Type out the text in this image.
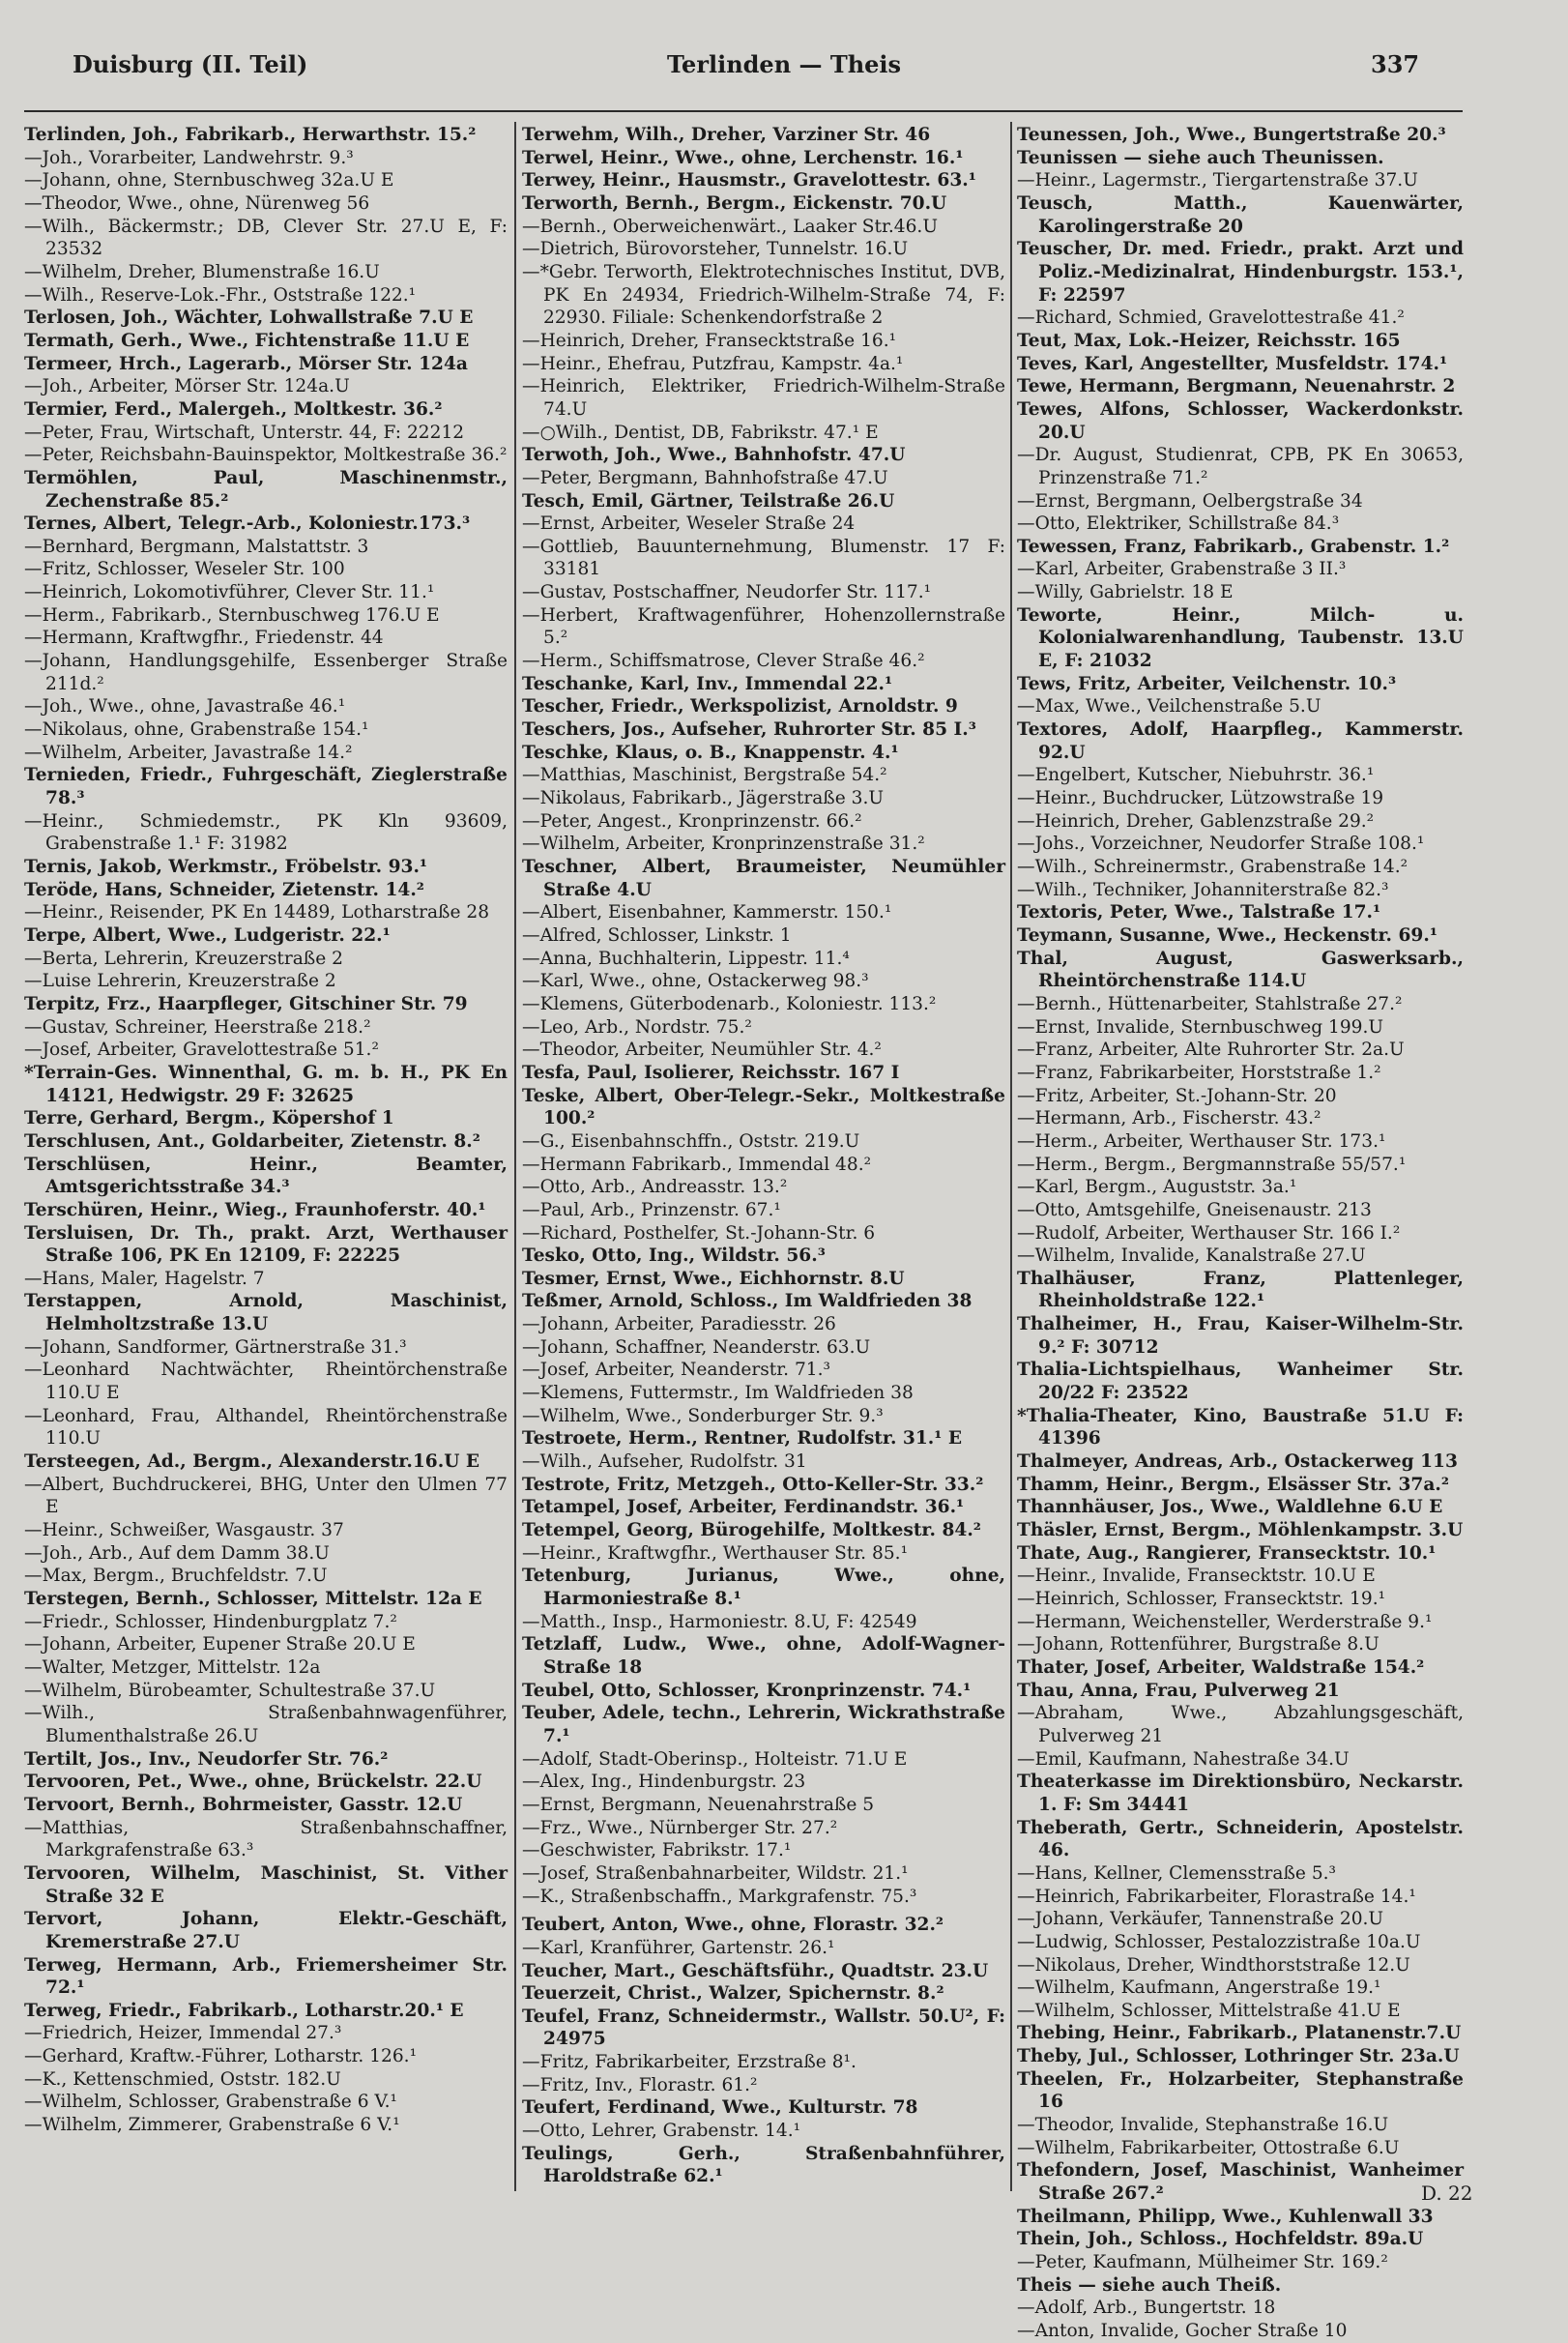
Duisburg (II. Teil)	Terlinden — Theis	337

Terlinden, Joh., Fabrikarb., Herwarthstr. 15.²

—Joh., Vorarbeiter, Landwehrstr. 9.³

—Johann, ohne, Sternbuschweg 32a.U E

—Theodor, Wwe., ohne, Nürenweg 56

—Wilh., Bäckermstr.; DB, Clever Str. 27.U E, F: 23532

—Wilhelm, Dreher, Blumenstraße 16.U

—Wilh., Reserve-Lok.-Fhr., Oststraße 122.¹

Terlosen, Joh., Wächter, Lohwallstraße 7.U E

Termath, Gerh., Wwe., Fichtenstraße 11.U E

Termeer, Hrch., Lagerarb., Mörser Str. 124a

—Joh., Arbeiter, Mörser Str. 124a.U

Termier, Ferd., Malergeh., Moltkestr. 36.²

—Peter, Frau, Wirtschaft, Unterstr. 44, F: 22212

—Peter, Reichsbahn-Bauinspektor, Moltkestraße 36.²

Termöhlen, Paul, Maschinenmstr., Zechenstraße 85.²

Ternes, Albert, Telegr.-Arb., Koloniestr.173.³

—Bernhard, Bergmann, Malstattstr. 3

—Fritz, Schlosser, Weseler Str. 100

—Heinrich, Lokomotivführer, Clever Str. 11.¹

—Herm., Fabrikarb., Sternbuschweg 176.U E

—Hermann, Kraftwgfhr., Friedenstr. 44

—Johann, Handlungsgehilfe, Essenberger Straße 211d.²

—Joh., Wwe., ohne, Javastraße 46.¹

—Nikolaus, ohne, Grabenstraße 154.¹

—Wilhelm, Arbeiter, Javastraße 14.²

Ternieden, Friedr., Fuhrgeschäft, Zieglerstraße 78.³

—Heinr., Schmiedemstr., PK Kln 93609, Grabenstraße 1.¹ F: 31982

Ternis, Jakob, Werkmstr., Fröbelstr. 93.¹

Teröde, Hans, Schneider, Zietenstr. 14.²

—Heinr., Reisender, PK En 14489, Lotharstraße 28

Terpe, Albert, Wwe., Ludgeristr. 22.¹

—Berta, Lehrerin, Kreuzerstraße 2

—Luise Lehrerin, Kreuzerstraße 2

Terpitz, Frz., Haarpfleger, Gitschiner Str. 79

—Gustav, Schreiner, Heerstraße 218.²

—Josef, Arbeiter, Gravelottestraße 51.²

*Terrain-Ges. Winnenthal, G. m. b. H., PK En 14121, Hedwigstr. 29 F: 32625

Terre, Gerhard, Bergm., Köpershof 1

Terschlusen, Ant., Goldarbeiter, Zietenstr. 8.²

Terschlüsen, Heinr., Beamter, Amtsgerichtsstraße 34.³

Terschüren, Heinr., Wieg., Fraunhoferstr. 40.¹

Tersluisen, Dr. Th., prakt. Arzt, Werthauser Straße 106, PK En 12109, F: 22225

—Hans, Maler, Hagelstr. 7

Terstappen, Arnold, Maschinist, Helmholtzstraße 13.U

—Johann, Sandformer, Gärtnerstraße 31.³

—Leonhard Nachtwächter, Rheintörchenstraße 110.U E

—Leonhard, Frau, Althandel, Rheintörchenstraße 110.U

Tersteegen, Ad., Bergm., Alexanderstr.16.U E

—Albert, Buchdruckerei, BHG, Unter den Ulmen 77 E

—Heinr., Schweißer, Wasgaustr. 37

—Joh., Arb., Auf dem Damm 38.U

—Max, Bergm., Bruchfeldstr. 7.U

Terstegen, Bernh., Schlosser, Mittelstr. 12a E

—Friedr., Schlosser, Hindenburgplatz 7.²

—Johann, Arbeiter, Eupener Straße 20.U E

—Walter, Metzger, Mittelstr. 12a

—Wilhelm, Bürobeamter, Schultestraße 37.U

—Wilh., Straßenbahnwagenführer, Blumenthalstraße 26.U

Tertilt, Jos., Inv., Neudorfer Str. 76.²

Tervooren, Pet., Wwe., ohne, Brückelstr. 22.U

Tervoort, Bernh., Bohrmeister, Gasstr. 12.U

—Matthias, Straßenbahnschaffner, Markgrafenstraße 63.³

Tervooren, Wilhelm, Maschinist, St. Vither Straße 32 E

Tervort, Johann, Elektr.-Geschäft, Kremerstraße 27.U

Terweg, Hermann, Arb., Friemersheimer Str. 72.¹

Terweg, Friedr., Fabrikarb., Lotharstr.20.¹ E

—Friedrich, Heizer, Immendal 27.³

—Gerhard, Kraftw.-Führer, Lotharstr. 126.¹

—K., Kettenschmied, Oststr. 182.U

—Wilhelm, Schlosser, Grabenstraße 6 V.¹

—Wilhelm, Zimmerer, Grabenstraße 6 V.¹

Terwehm, Wilh., Dreher, Varziner Str. 46

Terwel, Heinr., Wwe., ohne, Lerchenstr. 16.¹

Terwey, Heinr., Hausmstr., Gravelottestr. 63.¹

Terworth, Bernh., Bergm., Eickenstr. 70.U

—Bernh., Oberweichenwärt., Laaker Str.46.U

—Dietrich, Bürovorsteher, Tunnelstr. 16.U

—*Gebr. Terworth, Elektrotechnisches Institut, DVB, PK En 24934, Friedrich-Wilhelm-Straße 74, F: 22930. Filiale: Schenkendorfstraße 2

—Heinrich, Dreher, Fransecktstraße 16.¹

—Heinr., Ehefrau, Putzfrau, Kampstr. 4a.¹

—Heinrich, Elektriker, Friedrich-Wilhelm-Straße 74.U

—○Wilh., Dentist, DB, Fabrikstr. 47.¹ E

Terwoth, Joh., Wwe., Bahnhofstr. 47.U

—Peter, Bergmann, Bahnhofstraße 47.U

Tesch, Emil, Gärtner, Teilstraße 26.U

—Ernst, Arbeiter, Weseler Straße 24

—Gottlieb, Bauunternehmung, Blumenstr. 17 F: 33181

—Gustav, Postschaffner, Neudorfer Str. 117.¹

—Herbert, Kraftwagenführer, Hohenzollernstraße 5.²

—Herm., Schiffsmatrose, Clever Straße 46.²

Teschanke, Karl, Inv., Immendal 22.¹

Tescher, Friedr., Werkspolizist, Arnoldstr. 9

Teschers, Jos., Aufseher, Ruhrorter Str. 85 I.³

Teschke, Klaus, o. B., Knappenstr. 4.¹

—Matthias, Maschinist, Bergstraße 54.²

—Nikolaus, Fabrikarb., Jägerstraße 3.U

—Peter, Angest., Kronprinzenstr. 66.²

—Wilhelm, Arbeiter, Kronprinzenstraße 31.²

Teschner, Albert, Braumeister, Neumühler Straße 4.U

—Albert, Eisenbahner, Kammerstr. 150.¹

—Alfred, Schlosser, Linkstr. 1

—Anna, Buchhalterin, Lippestr. 11.⁴

—Karl, Wwe., ohne, Ostackerweg 98.³

—Klemens, Güterbodenarb., Koloniestr. 113.²

—Leo, Arb., Nordstr. 75.²

—Theodor, Arbeiter, Neumühler Str. 4.²

Tesfa, Paul, Isolierer, Reichsstr. 167 I

Teske, Albert, Ober-Telegr.-Sekr., Moltkestraße 100.²

—G., Eisenbahnschffn., Oststr. 219.U

—Hermann Fabrikarb., Immendal 48.²

—Otto, Arb., Andreasstr. 13.²

—Paul, Arb., Prinzenstr. 67.¹

—Richard, Posthelfer, St.-Johann-Str. 6

Tesko, Otto, Ing., Wildstr. 56.³

Tesmer, Ernst, Wwe., Eichhornstr. 8.U

Teßmer, Arnold, Schloss., Im Waldfrieden 38

—Johann, Arbeiter, Paradiesstr. 26

—Johann, Schaffner, Neanderstr. 63.U

—Josef, Arbeiter, Neanderstr. 71.³

—Klemens, Futtermstr., Im Waldfrieden 38

—Wilhelm, Wwe., Sonderburger Str. 9.³

Testroete, Herm., Rentner, Rudolfstr. 31.¹ E

—Wilh., Aufseher, Rudolfstr. 31

Testrote, Fritz, Metzgeh., Otto-Keller-Str. 33.²

Tetampel, Josef, Arbeiter, Ferdinandstr. 36.¹

Tetempel, Georg, Bürogehilfe, Moltkestr. 84.²

—Heinr., Kraftwgfhr., Werthauser Str. 85.¹

Tetenburg, Jurianus, Wwe., ohne, Harmoniestraße 8.¹

—Matth., Insp., Harmoniestr. 8.U, F: 42549

Tetzlaff, Ludw., Wwe., ohne, Adolf-Wagner-Straße 18

Teubel, Otto, Schlosser, Kronprinzenstr. 74.¹

Teuber, Adele, techn., Lehrerin, Wickrathstraße 7.¹

—Adolf, Stadt-Oberinsp., Holteistr. 71.U E

—Alex, Ing., Hindenburgstr. 23

—Ernst, Bergmann, Neuenahrstraße 5

—Frz., Wwe., Nürnberger Str. 27.²

—Geschwister, Fabrikstr. 17.¹

—Josef, Straßenbahnarbeiter, Wildstr. 21.¹

—K., Straßenbschaffn., Markgrafenstr. 75.³

Teubert, Anton, Wwe., ohne, Florastr. 32.²

—Karl, Kranführer, Gartenstr. 26.¹

Teucher, Mart., Geschäftsführ., Quadtstr. 23.U

Teuerzeit, Christ., Walzer, Spichernstr. 8.²

Teufel, Franz, Schneidermstr., Wallstr. 50.U², F: 24975

—Fritz, Fabrikarbeiter, Erzstraße 8¹.

—Fritz, Inv., Florastr. 61.²

Teufert, Ferdinand, Wwe., Kulturstr. 78

—Otto, Lehrer, Grabenstr. 14.¹

Teulings, Gerh., Straßenbahnführer, Haroldstraße 62.¹

Teunessen, Joh., Wwe., Bungertstraße 20.³

Teunissen — siehe auch Theunissen.

—Heinr., Lagermstr., Tiergartenstraße 37.U

Teusch, Matth., Kauenwärter, Karolingerstraße 20

Teuscher, Dr. med. Friedr., prakt. Arzt und Poliz.-Medizinalrat, Hindenburgstr. 153.¹, F: 22597

—Richard, Schmied, Gravelottestraße 41.²

Teut, Max, Lok.-Heizer, Reichsstr. 165

Teves, Karl, Angestellter, Musfeldstr. 174.¹

Tewe, Hermann, Bergmann, Neuenahrstr. 2

Tewes, Alfons, Schlosser, Wackerdonkstr. 20.U

—Dr. August, Studienrat, CPB, PK En 30653, Prinzenstraße 71.²

—Ernst, Bergmann, Oelbergstraße 34

—Otto, Elektriker, Schillstraße 84.³

Tewessen, Franz, Fabrikarb., Grabenstr. 1.²

—Karl, Arbeiter, Grabenstraße 3 II.³

—Willy, Gabrielstr. 18 E

Teworte, Heinr., Milch- u. Kolonialwarenhandlung, Taubenstr. 13.U E, F: 21032

Tews, Fritz, Arbeiter, Veilchenstr. 10.³

—Max, Wwe., Veilchenstraße 5.U

Textores, Adolf, Haarpfleg., Kammerstr. 92.U

—Engelbert, Kutscher, Niebuhrstr. 36.¹

—Heinr., Buchdrucker, Lützowstraße 19

—Heinrich, Dreher, Gablenzstraße 29.²

—Johs., Vorzeichner, Neudorfer Straße 108.¹

—Wilh., Schreinermstr., Grabenstraße 14.²

—Wilh., Techniker, Johanniterstraße 82.³

Textoris, Peter, Wwe., Talstraße 17.¹

Teymann, Susanne, Wwe., Heckenstr. 69.¹

Thal, August, Gaswerksarb., Rheintörchenstraße 114.U

—Bernh., Hüttenarbeiter, Stahlstraße 27.²

—Ernst, Invalide, Sternbuschweg 199.U

—Franz, Arbeiter, Alte Ruhrorter Str. 2a.U

—Franz, Fabrikarbeiter, Horststraße 1.²

—Fritz, Arbeiter, St.-Johann-Str. 20

—Hermann, Arb., Fischerstr. 43.²

—Herm., Arbeiter, Werthauser Str. 173.¹

—Herm., Bergm., Bergmannstraße 55/57.¹

—Karl, Bergm., Auguststr. 3a.¹

—Otto, Amtsgehilfe, Gneisenaustr. 213

—Rudolf, Arbeiter, Werthauser Str. 166 I.²

—Wilhelm, Invalide, Kanalstraße 27.U

Thalhäuser, Franz, Plattenleger, Rheinholdstraße 122.¹

Thalheimer, H., Frau, Kaiser-Wilhelm-Str. 9.² F: 30712

Thalia-Lichtspielhaus, Wanheimer Str. 20/22 F: 23522

*Thalia-Theater, Kino, Baustraße 51.U F: 41396

Thalmeyer, Andreas, Arb., Ostackerweg 113

Thamm, Heinr., Bergm., Elsässer Str. 37a.²

Thannhäuser, Jos., Wwe., Waldlehne 6.U E

Thäsler, Ernst, Bergm., Möhlenkampstr. 3.U

Thate, Aug., Rangierer, Fransecktstr. 10.¹

—Heinr., Invalide, Fransecktstr. 10.U E

—Heinrich, Schlosser, Fransecktstr. 19.¹

—Hermann, Weichensteller, Werderstraße 9.¹

—Johann, Rottenführer, Burgstraße 8.U

Thater, Josef, Arbeiter, Waldstraße 154.²

Thau, Anna, Frau, Pulverweg 21

—Abraham, Wwe., Abzahlungsgeschäft, Pulverweg 21

—Emil, Kaufmann, Nahestraße 34.U

Theaterkasse im Direktionsbüro, Neckarstr. 1. F: Sm 34441

Theberath, Gertr., Schneiderin, Apostelstr. 46.

—Hans, Kellner, Clemensstraße 5.³

—Heinrich, Fabrikarbeiter, Florastraße 14.¹

—Johann, Verkäufer, Tannenstraße 20.U

—Ludwig, Schlosser, Pestalozzistraße 10a.U

—Nikolaus, Dreher, Windthorststraße 12.U

—Wilhelm, Kaufmann, Angerstraße 19.¹

—Wilhelm, Schlosser, Mittelstraße 41.U E

Thebing, Heinr., Fabrikarb., Platanenstr.7.U

Theby, Jul., Schlosser, Lothringer Str. 23a.U

Theelen, Fr., Holzarbeiter, Stephanstraße 16

—Theodor, Invalide, Stephanstraße 16.U

—Wilhelm, Fabrikarbeiter, Ottostraße 6.U

Thefondern, Josef, Maschinist, Wanheimer Straße 267.²

Theilmann, Philipp, Wwe., Kuhlenwall 33

Thein, Joh., Schloss., Hochfeldstr. 89a.U

—Peter, Kaufmann, Mülheimer Str. 169.²

Theis — siehe auch Theiß.

—Adolf, Arb., Bungertstr. 18

—Anton, Invalide, Gocher Straße 10

D. 22
